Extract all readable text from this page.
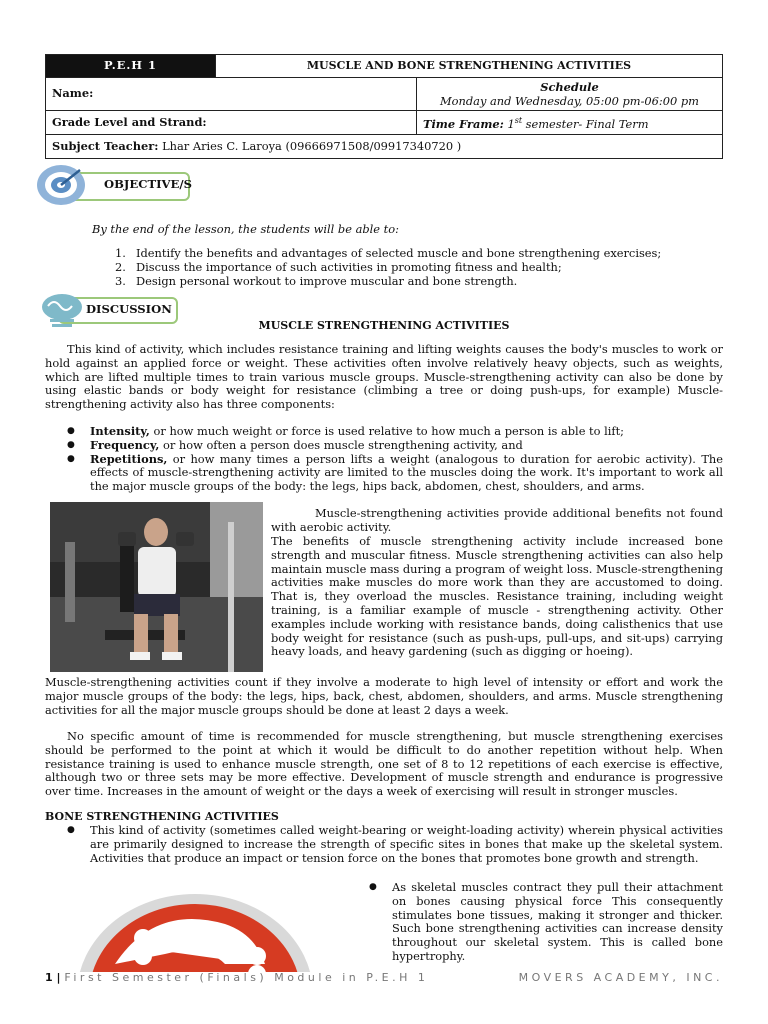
P.E.H 1	MUSCLE AND BONE STRENGTHENING ACTIVITIES	
Name:		Schedule
Monday and Wednesday, 05:00 pm-06:00 pm
Grade Level and Strand:		Time Frame: 1st semester- Final Term
Subject Teacher: Lhar Aries C. Laroya (09666971508/09917340720 )		
OBJECTIVE/S
By the end of the lesson, the students will be able to:
1. Identify the benefits and advantages of selected muscle and bone strengthening exercises;
2. Discuss the importance of such activities in promoting fitness and health;
3. Design personal workout to improve muscular and bone strength.
DISCUSSION
MUSCLE STRENGTHENING ACTIVITIES

This kind of activity, which includes resistance training and lifting weights causes the body's muscles to work or hold against an applied force or weight. These activities often involve relatively heavy objects, such as weights, which are lifted multiple times to train various muscle groups. Muscle-strengthening activity can also be done by using elastic bands or body weight for resistance (climbing a tree or doing push-ups, for example) Muscle-strengthening activity also has three components:

● Intensity, or how much weight or force is used relative to how much a person is able to lift;
● Frequency, or how often a person does muscle strengthening activity, and
● Repetitions, or how many times a person lifts a weight (analogous to duration for aerobic activity). The effects of muscle-strengthening activity are limited to the muscles doing the work. It's important to work all the major muscle groups of the body: the legs, hips back, abdomen, chest, shoulders, and arms.

Muscle-strengthening activities provide additional benefits not found with aerobic activity.

The benefits of muscle strengthening activity include increased bone strength and muscular fitness. Muscle strengthening activities can also help maintain muscle mass during a program of weight loss. Muscle-strengthening activities make muscles do more work than they are accustomed to doing. That is, they overload the muscles. Resistance training, including weight training, is a familiar example of muscle - strengthening activity. Other examples include working with resistance bands, doing calisthenics that use body weight for resistance (such as push-ups, pull-ups, and sit-ups) carrying heavy loads, and heavy gardening (such as digging or hoeing).

Muscle-strengthening activities count if they involve a moderate to high level of intensity or effort and work the major muscle groups of the body: the legs, hips, back, chest, abdomen, shoulders, and arms. Muscle strengthening activities for all the major muscle groups should be done at least 2 days a week.

No specific amount of time is recommended for muscle strengthening, but muscle strengthening exercises should be performed to the point at which it would be difficult to do another repetition without help. When resistance training is used to enhance muscle strength, one set of 8 to 12 repetitions of each exercise is effective, although two or three sets may be more effective. Development of muscle strength and endurance is progressive over time. Increases in the amount of weight or the days a week of exercising will result in stronger muscles.

BONE STRENGTHENING ACTIVITIES
● This kind of activity (sometimes called weight-bearing or weight-loading activity) wherein physical activities are primarily designed to increase the strength of specific sites in bones that make up the skeletal system. Activities that produce an impact or tension force on the bones that promotes bone growth and strength.
● As skeletal muscles contract they pull their attachment on bones causing physical force This consequently stimulates bone tissues, making it stronger and thicker. Such bone strengthening activities can increase density throughout our skeletal system. This is called bone hypertrophy.
1 | First Semester (Finals) Module in P.E.H 1	MOVERS ACADEMY, INC.
